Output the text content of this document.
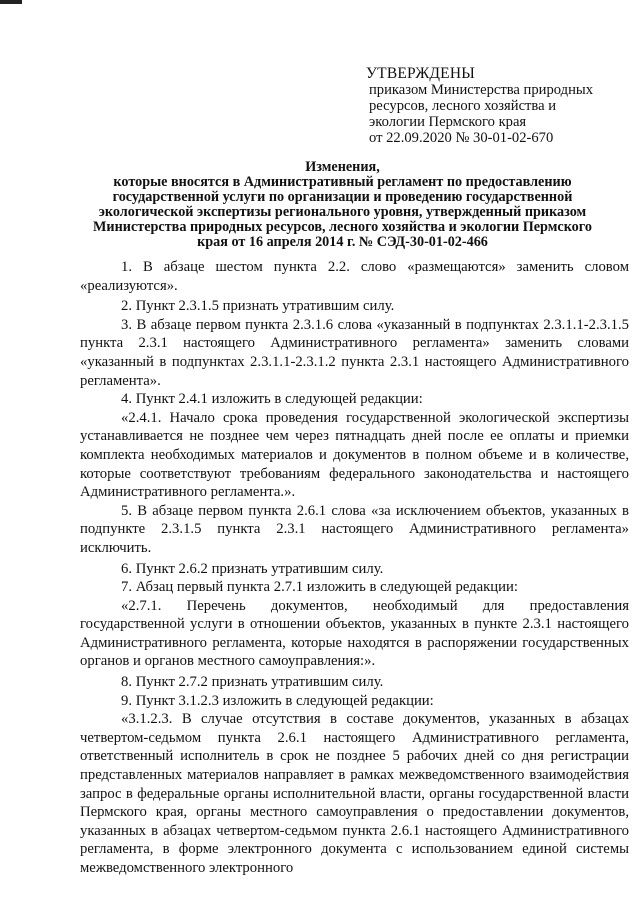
УТВЕРЖДЕНЫ
приказом Министерства природных
ресурсов, лесного хозяйства и
экологии Пермского края
от 22.09.2020 № 30-01-02-670
Изменения,
которые вносятся в Административный регламент по предоставлению
государственной услуги по организации и проведению государственной
экологической экспертизы регионального уровня, утвержденный приказом
Министерства природных ресурсов, лесного хозяйства и экологии Пермского
края от 16 апреля 2014 г. № СЭД-30-01-02-466

1. В абзаце шестом пункта 2.2. слово «размещаются» заменить словом «реализуются».

2. Пункт 2.3.1.5 признать утратившим силу.

3. В абзаце первом пункта 2.3.1.6 слова «указанный в подпунктах 2.3.1.1-2.3.1.5 пункта 2.3.1 настоящего Административного регламента» заменить словами «указанный в подпунктах 2.3.1.1-2.3.1.2 пункта 2.3.1 настоящего Административного регламента».

4. Пункт 2.4.1 изложить в следующей редакции:

«2.4.1. Начало срока проведения государственной экологической экспертизы устанавливается не позднее чем через пятнадцать дней после ее оплаты и приемки комплекта необходимых материалов и документов в полном объеме и в количестве, которые соответствуют требованиям федерального законодательства и настоящего Административного регламента.».

5. В абзаце первом пункта 2.6.1 слова «за исключением объектов, указанных в подпункте 2.3.1.5 пункта 2.3.1 настоящего Административного регламента» исключить.

6. Пункт 2.6.2 признать утратившим силу.

7. Абзац первый пункта 2.7.1 изложить в следующей редакции:

«2.7.1. Перечень документов, необходимый для предоставления государственной услуги в отношении объектов, указанных в пункте 2.3.1 настоящего Административного регламента, которые находятся в распоряжении государственных органов и органов местного самоуправления:».

8. Пункт 2.7.2 признать утратившим силу.

9. Пункт 3.1.2.3 изложить в следующей редакции:

«3.1.2.3. В случае отсутствия в составе документов, указанных в абзацах четвертом-седьмом пункта 2.6.1 настоящего Административного регламента, ответственный исполнитель в срок не позднее 5 рабочих дней со дня регистрации представленных материалов направляет в рамках межведомственного взаимодействия запрос в федеральные органы исполнительной власти, органы государственной власти Пермского края, органы местного самоуправления о предоставлении документов, указанных в абзацах четвертом-седьмом пункта 2.6.1 настоящего Административного регламента, в форме электронного документа с использованием единой системы межведомственного электронного
